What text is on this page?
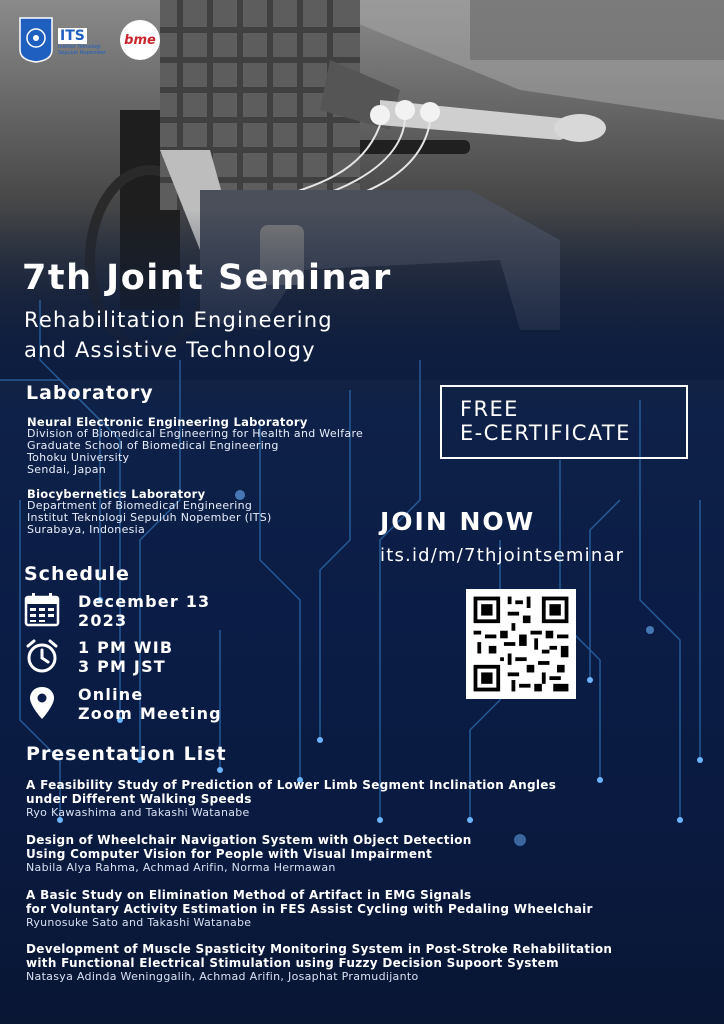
ITS
Institut Teknologi Sepuluh Nopember
bme
7th Joint Seminar
Rehabilitation Engineering
and Assistive Technology
Laboratory
Neural Electronic Engineering Laboratory
Division of Biomedical Engineering for Health and Welfare
Graduate School of Biomedical Engineering
Tohoku University
Sendai, Japan
Biocybernetics Laboratory
Department of Biomedical Engineering
Institut Teknologi Sepuluh Nopember (ITS)
Surabaya, Indonesia
FREE
E-CERTIFICATE
JOIN NOW
its.id/m/7thjointseminar
Schedule
December 13
2023
1 PM WIB
3 PM JST
Online
Zoom Meeting
Presentation List
A Feasibility Study of Prediction of Lower Limb Segment Inclination Angles
under Different Walking Speeds
Ryo Kawashima and Takashi Watanabe
Design of Wheelchair Navigation System with Object Detection
Using Computer Vision for People with Visual Impairment
Nabila Alya Rahma, Achmad Arifin, Norma Hermawan
A Basic Study on Elimination Method of Artifact in EMG Signals
for Voluntary Activity Estimation in FES Assist Cycling with Pedaling Wheelchair
Ryunosuke Sato and Takashi Watanabe
Development of Muscle Spasticity Monitoring System in Post-Stroke Rehabilitation
with Functional Electrical Stimulation using Fuzzy Decision Supoort System
Natasya Adinda Weninggalih, Achmad Arifin, Josaphat Pramudijanto
